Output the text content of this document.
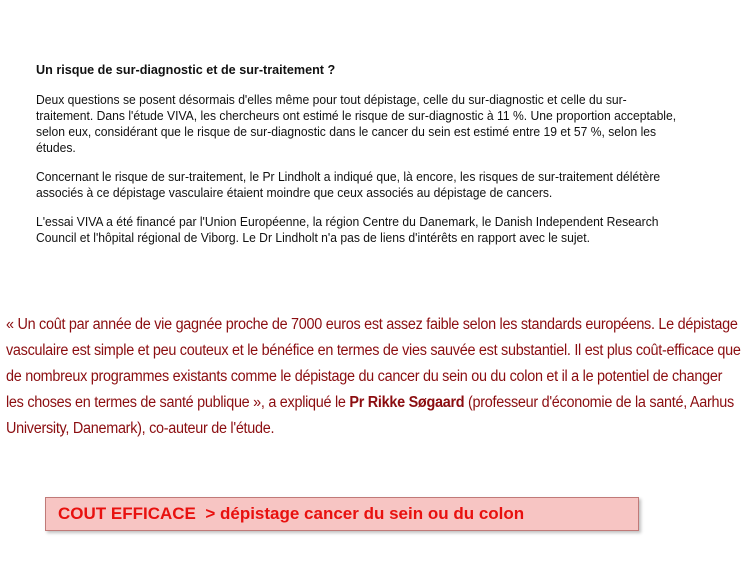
Un risque de sur-diagnostic et de sur-traitement ?

Deux questions se posent désormais d'elles même pour tout dépistage, celle du sur-diagnostic et celle du sur-traitement. Dans l'étude VIVA, les chercheurs ont estimé le risque de sur-diagnostic à 11 %. Une proportion acceptable, selon eux, considérant que le risque de sur-diagnostic dans le cancer du sein est estimé entre 19 et 57 %, selon les études.

Concernant le risque de sur-traitement, le Pr Lindholt a indiqué que, là encore, les risques de sur-traitement délétère associés à ce dépistage vasculaire étaient moindre que ceux associés au dépistage de cancers.

L'essai VIVA a été financé par l'Union Européenne, la région Centre du Danemark, le Danish Independent Research Council et l'hôpital régional de Viborg. Le Dr Lindholt n'a pas de liens d'intérêts en rapport avec le sujet.

« Un coût par année de vie gagnée proche de 7000 euros est assez faible selon les standards européens. Le dépistage vasculaire est simple et peu couteux et le bénéfice en termes de vies sauvée est substantiel. Il est plus coût-efficace que de nombreux programmes existants comme le dépistage du cancer du sein ou du colon et il a le potentiel de changer les choses en termes de santé publique », a expliqué le Pr Rikke Søgaard (professeur d'économie de la santé, Aarhus University, Danemark), co-auteur de l'étude.
COUT EFFICACE  > dépistage cancer du sein ou du colon
